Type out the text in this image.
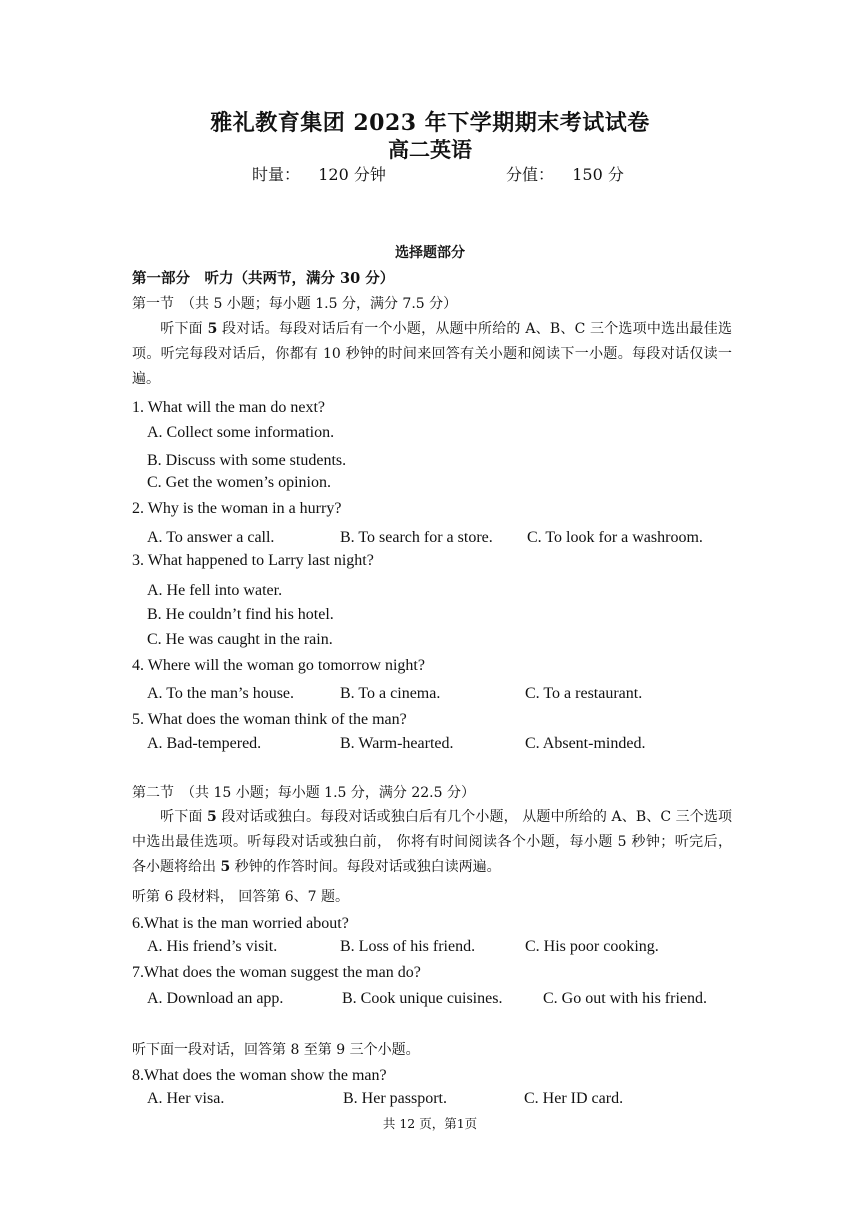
雅礼教育集团 2023 年下学期期末考试试卷
高二英语
时量： 120 分钟	分值： 150 分
选择题部分
第一部分　听力（共两节，满分 30 分）
第一节　（共 5 小题；每小题 1.5 分，满分 7.5 分）
听下面 5 段对话。每段对话后有一个小题，从题中所给的 A、B、C 三个选项中选出最佳选项。听完每段对话后，你都有 10 秒钟的时间来回答有关小题和阅读下一小题。每段对话仅读一遍。
1. What will the man do next?
A. Collect some information.
B. Discuss with some students.
C. Get the women’s opinion.
2. Why is the woman in a hurry?
A. To answer a call.	B. To search for a store. C. To look for a washroom.
3. What happened to Larry last night?
A. He fell into water.
B. He couldn’t find his hotel.
C. He was caught in the rain.
4. Where will the woman go tomorrow night?
A. To the man’s house.	B. To a cinema.	C. To a restaurant.
5. What does the woman think of the man?
A. Bad-tempered.	B. Warm-hearted.	C. Absent-minded.
第二节　（共 15 小题；每小题 1.5 分，满分 22.5 分）
听下面 5 段对话或独白。每段对话或独白后有几个小题， 从题中所给的 A、B、C 三个选项中选出最佳选项。听每段对话或独白前， 你将有时间阅读各个小题，每小题 5 秒钟；听完后， 各小题将给出 5 秒钟的作答时间。每段对话或独白读两遍。
听第 6 段材料， 回答第 6、7 题。
6.What is the man worried about?
A. His friend’s visit.	B. Loss of his friend.	C. His poor cooking.
7.What does the woman suggest the man do?
A. Download an app.	B. Cook unique cuisines.	C. Go out with his friend.
听下面一段对话，回答第 8 至第 9 三个小题。
8.What does the woman show the man?
A. Her visa.	B. Her passport.	C. Her ID card.
共 12 页，第1页
